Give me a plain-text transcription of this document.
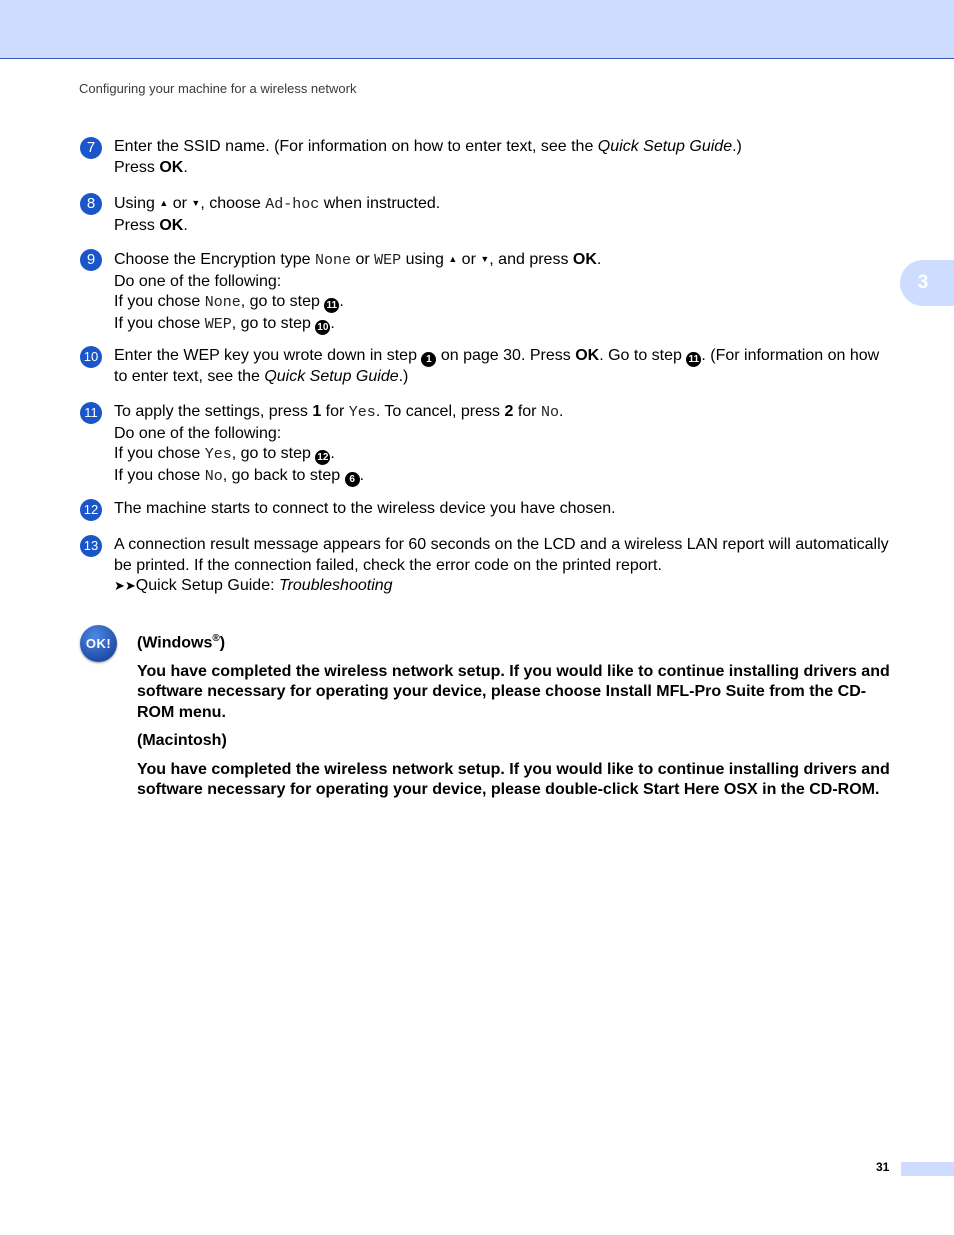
Configuring your machine for a wireless network
3
7	Enter the SSID name. (For information on how to enter text, see the Quick Setup Guide.)
Press OK.
8	Using ▲ or ▼, choose Ad-hoc when instructed.
Press OK.
9	Choose the Encryption type None or WEP using ▲ or ▼, and press OK.
Do one of the following:
If you chose None, go to step 11 .
If you chose WEP, go to step 10 .
10 Enter the WEP key you wrote down in step 1 on page 30. Press OK. Go to step 11 . (For information on how to enter text, see the Quick Setup Guide.)
11 To apply the settings, press 1 for Yes. To cancel, press 2 for No.
Do one of the following:
If you chose Yes, go to step 12 .
If you chose No, go back to step 6 .
12 The machine starts to connect to the wireless device you have chosen.
13 A connection result message appears for 60 seconds on the LCD and a wireless LAN report will automatically be printed. If the connection failed, check the error code on the printed report.
➤➤Quick Setup Guide: Troubleshooting
OK!	(Windows®)

You have completed the wireless network setup. If you would like to continue installing drivers and software necessary for operating your device, please choose Install MFL-Pro Suite from the CD-ROM menu.

(Macintosh)

You have completed the wireless network setup. If you would like to continue installing drivers and software necessary for operating your device, please double-click Start Here OSX in the CD-ROM.

31
